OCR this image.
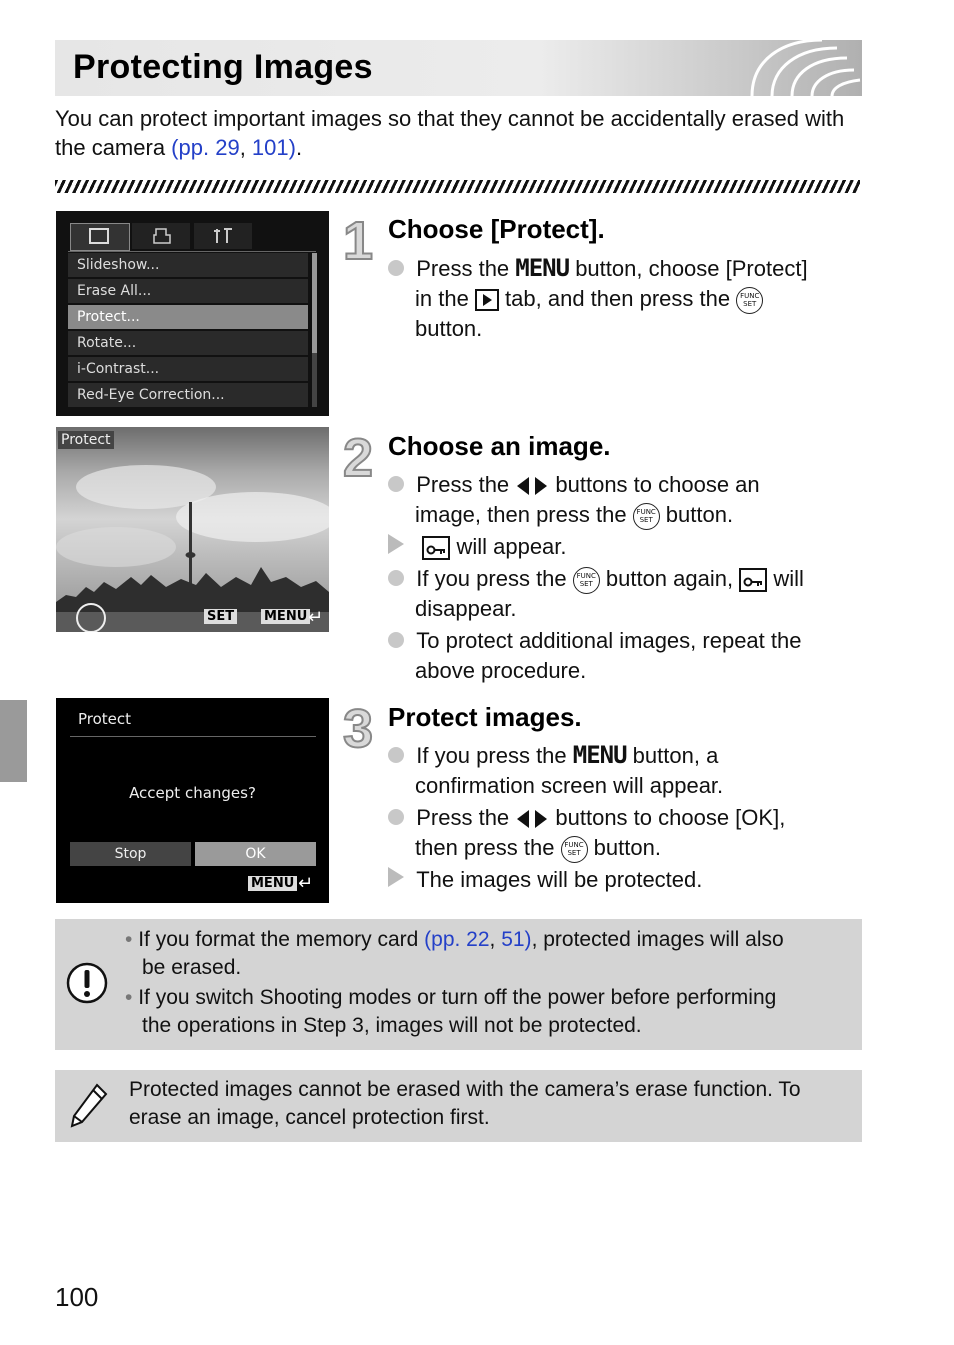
Protecting Images
You can protect important images so that they cannot be accidentally erased with the camera (pp. 29, 101).
Slideshow...
Erase All...
Protect...
Rotate...
i-Contrast...
Red-Eye Correction...
Protect
SET MENU ↵
Protect
Accept changes?
Stop	OK
MENU ↵
1 Choose [Protect].
Press the MENU button, choose [Protect]
in the  tab, and then press the FUNC
SET
button.
2 Choose an image.
Press the  buttons to choose an
image, then press the FUNC
SET button.
will appear.
If you press the FUNC
SET button again,  will
disappear.
To protect additional images, repeat the
above procedure.
3 Protect images.
If you press the MENU button, a
confirmation screen will appear.
Press the  buttons to choose [OK],
then press the FUNC
SET button.
The images will be protected.
• If you format the memory card (pp. 22, 51), protected images will also
be erased.
• If you switch Shooting modes or turn off the power before performing
the operations in Step 3, images will not be protected.
Protected images cannot be erased with the camera’s erase function. To
erase an image, cancel protection first.
100
